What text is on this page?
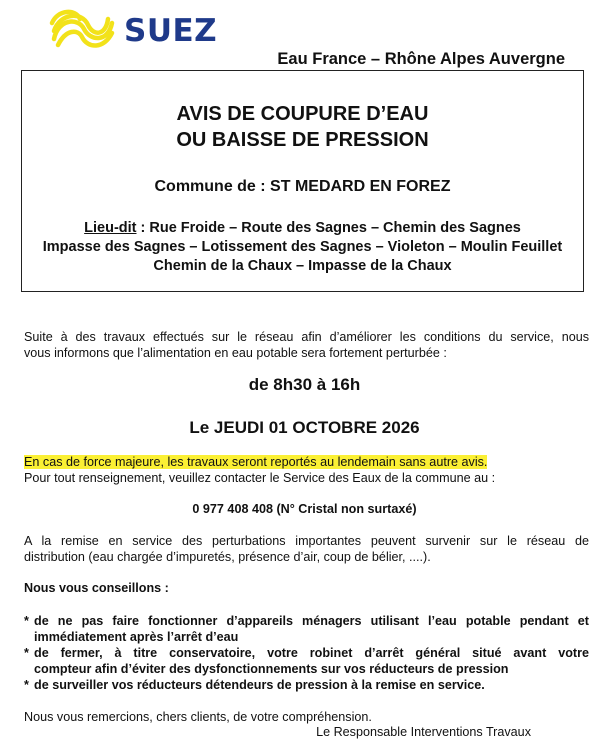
SUEZ
Eau France – Rhône Alpes Auvergne
AVIS DE COUPURE D’EAU
OU BAISSE DE PRESSION
Commune de : ST MEDARD EN FOREZ
Lieu-dit : Rue Froide – Route des Sagnes – Chemin des Sagnes
Impasse des Sagnes – Lotissement des Sagnes – Violeton – Moulin Feuillet
Chemin de la Chaux – Impasse de la Chaux
Suite à des travaux effectués sur le réseau afin d’améliorer les conditions du service, nous
vous informons que l’alimentation en eau potable sera fortement perturbée :
de 8h30 à 16h
Le JEUDI 01 OCTOBRE 2026
En cas de force majeure, les travaux seront reportés au lendemain sans autre avis.
Pour tout renseignement, veuillez contacter le Service des Eaux de la commune au :
0 977 408 408 (N° Cristal non surtaxé)
A la remise en service des perturbations importantes peuvent survenir sur le réseau de
distribution (eau chargée d’impuretés, présence d’air, coup de bélier, ....).
Nous vous conseillons :
* de ne pas faire fonctionner d’appareils ménagers utilisant l’eau potable pendant et
immédiatement après l’arrêt d’eau
* de fermer, à titre conservatoire, votre robinet d’arrêt général situé avant votre
compteur afin d’éviter des dysfonctionnements sur vos réducteurs de pression
* de surveiller vos réducteurs détendeurs de pression à la remise en service.
Nous vous remercions, chers clients, de votre compréhension.
Le Responsable Interventions Travaux
